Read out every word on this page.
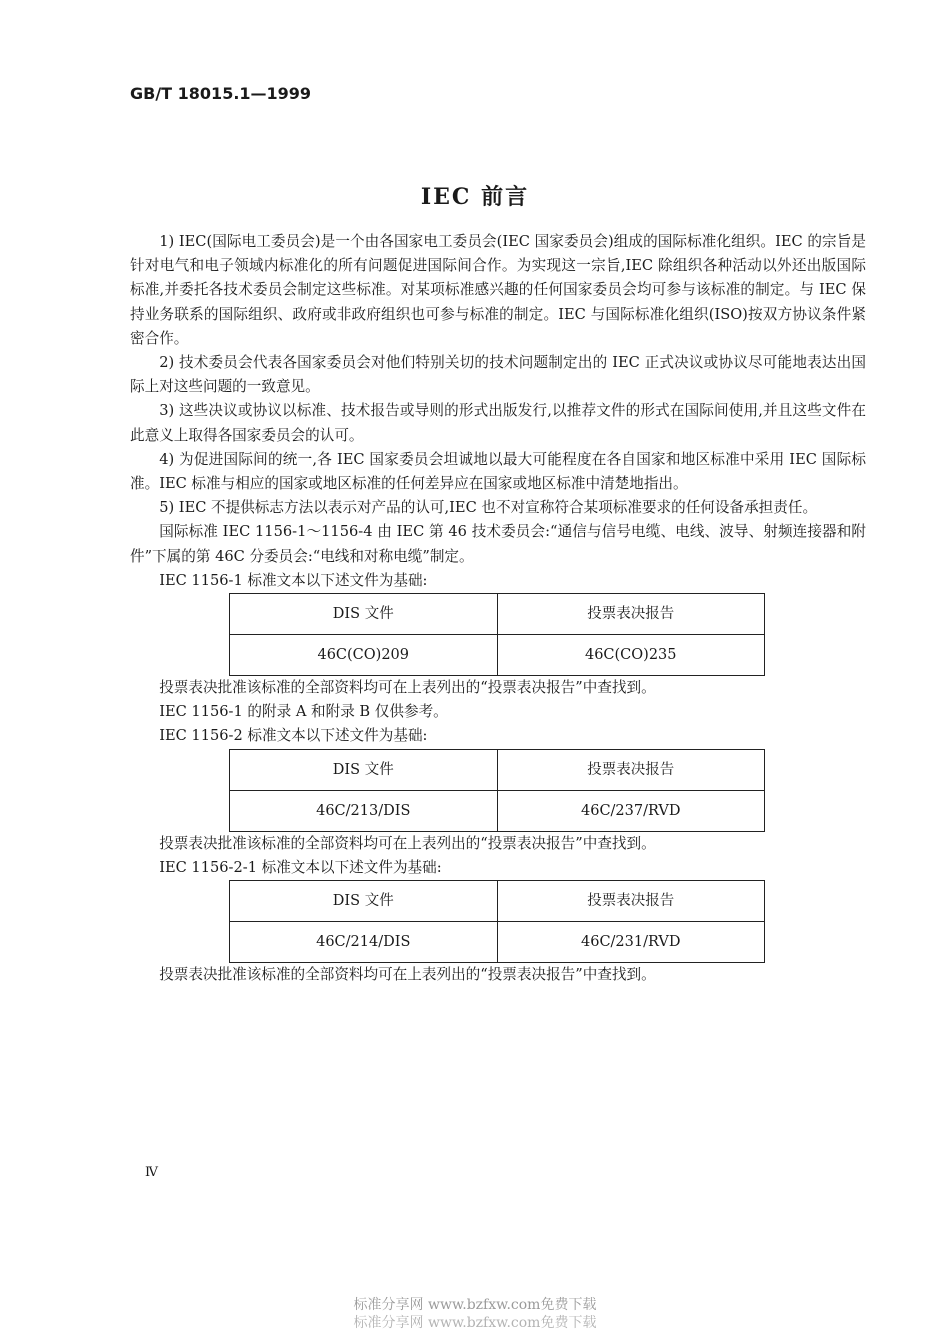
GB/T 18015.1—1999
IEC 前言

1) IEC(国际电工委员会)是一个由各国家电工委员会(IEC 国家委员会)组成的国际标准化组织。IEC 的宗旨是针对电气和电子领域内标准化的所有问题促进国际间合作。为实现这一宗旨,IEC 除组织各种活动以外还出版国际标准,并委托各技术委员会制定这些标准。对某项标准感兴趣的任何国家委员会均可参与该标准的制定。与 IEC 保持业务联系的国际组织、政府或非政府组织也可参与标准的制定。IEC 与国际标准化组织(ISO)按双方协议条件紧密合作。

2) 技术委员会代表各国家委员会对他们特别关切的技术问题制定出的 IEC 正式决议或协议尽可能地表达出国际上对这些问题的一致意见。

3) 这些决议或协议以标准、技术报告或导则的形式出版发行,以推荐文件的形式在国际间使用,并且这些文件在此意义上取得各国家委员会的认可。

4) 为促进国际间的统一,各 IEC 国家委员会坦诚地以最大可能程度在各自国家和地区标准中采用 IEC 国际标准。IEC 标准与相应的国家或地区标准的任何差异应在国家或地区标准中清楚地指出。

5) IEC 不提供标志方法以表示对产品的认可,IEC 也不对宣称符合某项标准要求的任何设备承担责任。

国际标准 IEC 1156-1～1156-4 由 IEC 第 46 技术委员会:“通信与信号电缆、电线、波导、射频连接器和附件”下属的第 46C 分委员会:“电线和对称电缆”制定。

IEC 1156-1 标准文本以下述文件为基础:

DIS 文件	投票表决报告
46C(CO)209	46C(CO)235

投票表决批准该标准的全部资料均可在上表列出的“投票表决报告”中查找到。

IEC 1156-1 的附录 A 和附录 B 仅供参考。

IEC 1156-2 标准文本以下述文件为基础:

DIS 文件	投票表决报告
46C/213/DIS	46C/237/RVD

投票表决批准该标准的全部资料均可在上表列出的“投票表决报告”中查找到。

IEC 1156-2-1 标准文本以下述文件为基础:

DIS 文件	投票表决报告
46C/214/DIS	46C/231/RVD

投票表决批准该标准的全部资料均可在上表列出的“投票表决报告”中查找到。

Ⅳ
标准分享网 www.bzfxw.com免费下载
标准分享网 www.bzfxw.com免费下载
